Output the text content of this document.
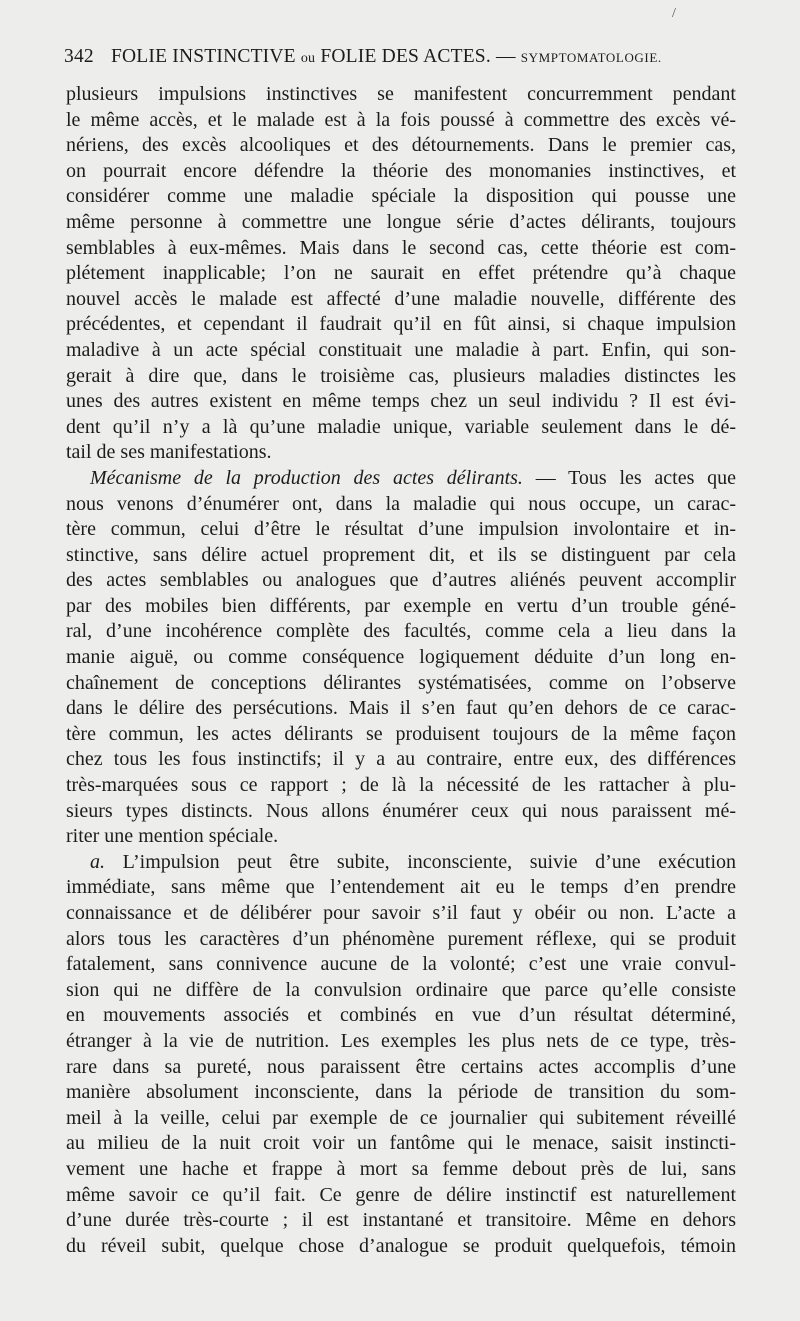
/
342 FOLIE INSTINCTIVE ou FOLIE DES ACTES. — SYMPTOMATOLOGIE.

plusieurs impulsions instinctives se manifestent concurremment pendant

le même accès, et le malade est à la fois poussé à commettre des excès vé-

nériens, des excès alcooliques et des détournements. Dans le premier cas,

on pourrait encore défendre la théorie des monomanies instinctives, et

considérer comme une maladie spéciale la disposition qui pousse une

même personne à commettre une longue série d’actes délirants, toujours

semblables à eux-mêmes. Mais dans le second cas, cette théorie est com-

plétement inapplicable; l’on ne saurait en effet prétendre qu’à chaque

nouvel accès le malade est affecté d’une maladie nouvelle, différente des

précédentes, et cependant il faudrait qu’il en fût ainsi, si chaque impulsion

maladive à un acte spécial constituait une maladie à part. Enfin, qui son-

gerait à dire que, dans le troisième cas, plusieurs maladies distinctes les

unes des autres existent en même temps chez un seul individu ? Il est évi-

dent qu’il n’y a là qu’une maladie unique, variable seulement dans le dé-

tail de ses manifestations.

Mécanisme de la production des actes délirants. — Tous les actes que

nous venons d’énumérer ont, dans la maladie qui nous occupe, un carac-

tère commun, celui d’être le résultat d’une impulsion involontaire et in-

stinctive, sans délire actuel proprement dit, et ils se distinguent par cela

des actes semblables ou analogues que d’autres aliénés peuvent accomplir

par des mobiles bien différents, par exemple en vertu d’un trouble géné-

ral, d’une incohérence complète des facultés, comme cela a lieu dans la

manie aiguë, ou comme conséquence logiquement déduite d’un long en-

chaînement de conceptions délirantes systématisées, comme on l’observe

dans le délire des persécutions. Mais il s’en faut qu’en dehors de ce carac-

tère commun, les actes délirants se produisent toujours de la même façon

chez tous les fous instinctifs; il y a au contraire, entre eux, des différences

très-marquées sous ce rapport ; de là la nécessité de les rattacher à plu-

sieurs types distincts. Nous allons énumérer ceux qui nous paraissent mé-

riter une mention spéciale.

a. L’impulsion peut être subite, inconsciente, suivie d’une exécution

immédiate, sans même que l’entendement ait eu le temps d’en prendre

connaissance et de délibérer pour savoir s’il faut y obéir ou non. L’acte a

alors tous les caractères d’un phénomène purement réflexe, qui se produit

fatalement, sans connivence aucune de la volonté; c’est une vraie convul-

sion qui ne diffère de la convulsion ordinaire que parce qu’elle consiste

en mouvements associés et combinés en vue d’un résultat déterminé,

étranger à la vie de nutrition. Les exemples les plus nets de ce type, très-

rare dans sa pureté, nous paraissent être certains actes accomplis d’une

manière absolument inconsciente, dans la période de transition du som-

meil à la veille, celui par exemple de ce journalier qui subitement réveillé

au milieu de la nuit croit voir un fantôme qui le menace, saisit instincti-

vement une hache et frappe à mort sa femme debout près de lui, sans

même savoir ce qu’il fait. Ce genre de délire instinctif est naturellement

d’une durée très-courte ; il est instantané et transitoire. Même en dehors

du réveil subit, quelque chose d’analogue se produit quelquefois, témoin
